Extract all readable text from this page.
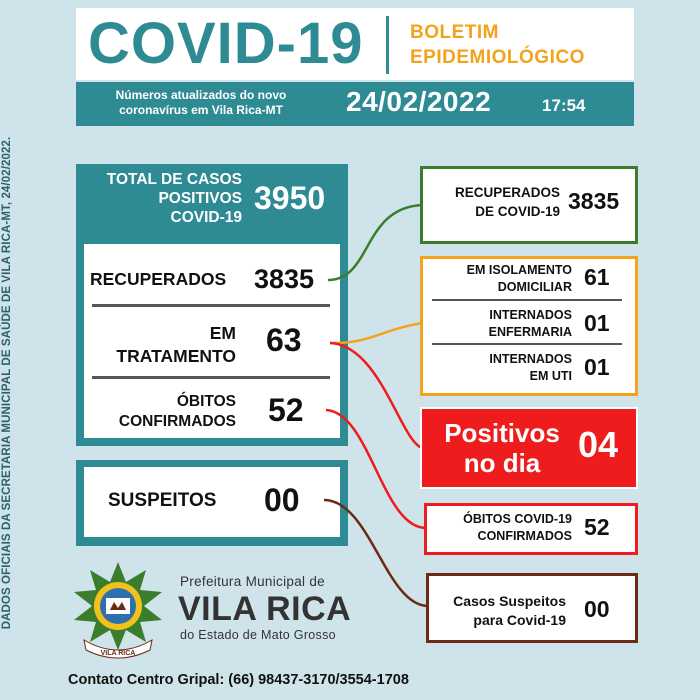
DADOS OFICIAIS DA SECRETARIA MUNICIPAL DE SAÚDE DE VILA RICA-MT, 24/02/2022.
COVID-19 BOLETIM
EPIDEMIOLÓGICO
Números atualizados do novo
coronavírus em Vila Rica-MT	24/02/2022	17:54
TOTAL DE CASOS
POSITIVOS
COVID-19
3950
RECUPERADOS 3835
EM
TRATAMENTO 63
ÓBITOS
CONFIRMADOS 52
SUSPEITOS 00
RECUPERADOS
DE COVID-19 3835
EM ISOLAMENTO
DOMICILIAR 61
INTERNADOS
ENFERMARIA 01
INTERNADOS
EM UTI 01
Positivos
no dia	04
ÓBITOS COVID-19
CONFIRMADOS 52
Casos Suspeitos
para Covid-19 00
VILA RICA
Prefeitura Municipal de
VILA RICA
do Estado de Mato Grosso
Contato Centro Gripal: (66) 98437-3170/3554-1708
